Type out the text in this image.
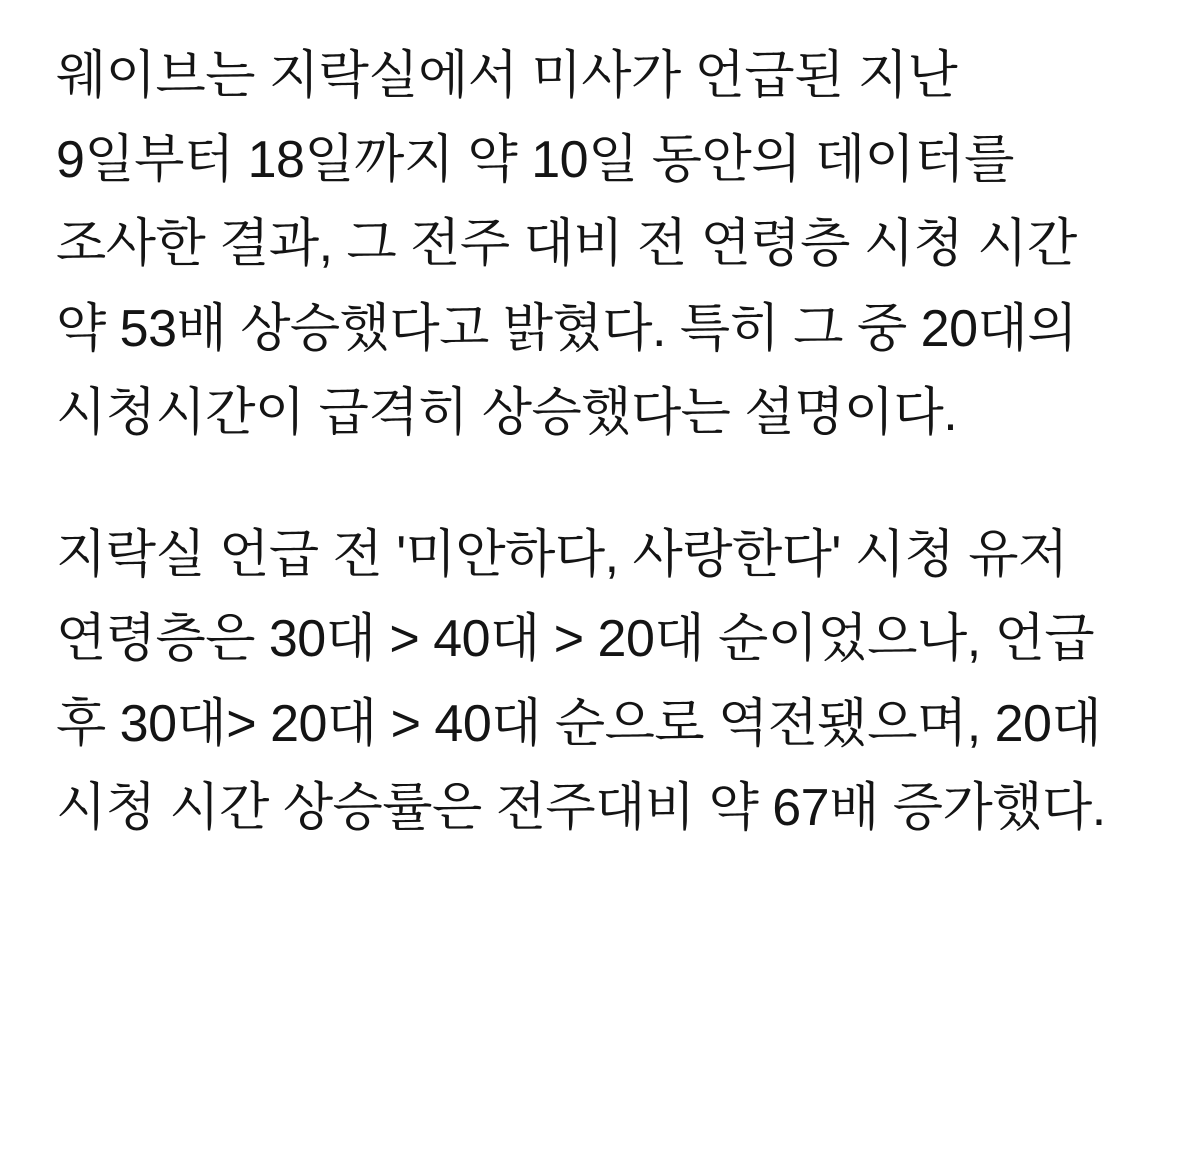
웨이브는 지락실에서 미사가 언급된 지난 9일부터 18일까지 약 10일 동안의 데이터를 조사한 결과, 그 전주 대비 전 연령층 시청 시간 약 53배 상승했다고 밝혔다. 특히 그 중 20대의 시청시간이 급격히 상승했다는 설명이다.

지락실 언급 전 '미안하다, 사랑한다' 시청 유저 연령층은 30대 > 40대 > 20대 순이었으나, 언급 후 30대> 20대 > 40대 순으로 역전됐으며, 20대 시청 시간 상승률은 전주대비 약 67배 증가했다.
